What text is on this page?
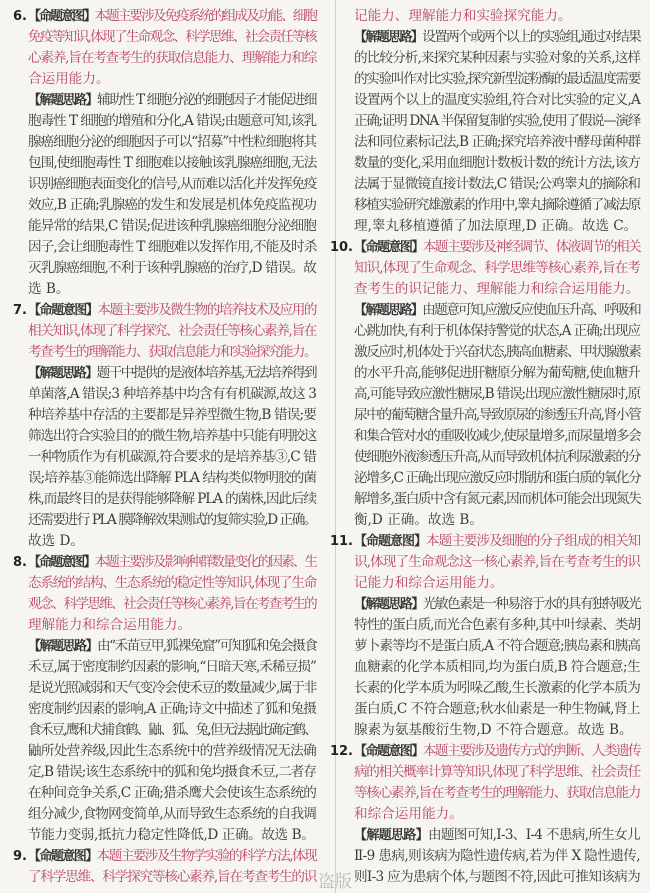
6. 【命题意图】本题主要涉及免疫系统的组成及功能、细胞
免疫等知识,体现了生命观念、科学思维、社会责任等核
心素养,旨在考查考生的获取信息能力、理解能力和综
合运用能力。
【解题思路】辅助性 T 细胞分泌的细胞因子才能促进细
胞毒性 T 细胞的增殖和分化,A 错误;由题意可知,该乳
腺癌细胞分泌的细胞因子可以“招募”中性粒细胞将其
包围,使细胞毒性 T 细胞难以接触该乳腺癌细胞,无法
识别癌细胞表面变化的信号,从而难以活化并发挥免疫
效应,B 正确;乳腺癌的发生和发展是机体免疫监视功
能异常的结果,C 错误;促进该种乳腺癌细胞分泌细胞
因子,会让细胞毒性 T 细胞难以发挥作用,不能及时杀
灭乳腺癌细胞,不利于该种乳腺癌的治疗,D 错误。故
选 B。
7. 【命题意图】本题主要涉及微生物的培养技术及应用的
相关知识,体现了科学探究、社会责任等核心素养,旨在
考查考生的理解能力、获取信息能力和实验探究能力。
【解题思路】题干中提供的是液体培养基,无法培养得到
单菌落,A 错误;3 种培养基中均含有有机碳源,故这 3
种培养基中存活的主要都是异养型微生物,B 错误;要
筛选出符合实验目的的微生物,培养基中只能有明胶这
一种物质作为有机碳源,符合要求的是培养基③,C 错
误;培养基③能筛选出降解 PLA 结构类似物明胶的菌
株,而最终目的是获得能够降解 PLA 的菌株,因此后续
还需要进行 PLA 膜降解效果测试的复筛实验,D 正确。
故选 D。
8. 【命题意图】本题主要涉及影响种群数量变化的因素、生
态系统的结构、生态系统的稳定性等知识,体现了生命
观念、科学思维、社会责任等核心素养,旨在考查考生的
理解能力和综合运用能力。
【解题思路】由“禾苗豆甲,狐裸兔窟”可知狐和兔会摄食
禾豆,属于密度制约因素的影响,“日暗天寒,禾稀豆损”
是说光照减弱和天气变冷会使禾豆的数量减少,属于非
密度制约因素的影响,A 正确;诗文中描述了狐和兔摄
食禾豆,鹰和犬捕食鹤、鼬、狐、兔,但无法据此确定鹤、
鼬所处营养级,因此生态系统中的营养级情况无法确
定,B 错误;该生态系统中的狐和兔均摄食禾豆,二者存
在种间竞争关系,C 正确;猎杀鹰犬会使该生态系统的
组分减少,食物网变简单,从而导致生态系统的自我调
节能力变弱,抵抗力稳定性降低,D 正确。故选 B。
9. 【命题意图】本题主要涉及生物学实验的科学方法,体现
了科学思维、科学探究等核心素养,旨在考查考生的识
记能力、理解能力和实验探究能力。
【解题思路】设置两个或两个以上的实验组,通过对结果
的比较分析,来探究某种因素与实验对象的关系,这样
的实验叫作对比实验,探究新型淀粉酶的最适温度需要
设置两个以上的温度实验组,符合对比实验的定义,A
正确;证明 DNA 半保留复制的实验,使用了假说—演绎
法和同位素标记法,B 正确;探究培养液中酵母菌种群
数量的变化,采用血细胞计数板计数的统计方法,该方
法属于显微镜直接计数法,C 错误;公鸡睾丸的摘除和
移植实验研究雄激素的作用中,睾丸摘除遵循了减法原
理,睾丸移植遵循了加法原理,D 正确。故选 C。
10. 【命题意图】本题主要涉及神经调节、体液调节的相关
知识,体现了生命观念、科学思维等核心素养,旨在考
查考生的识记能力、理解能力和综合运用能力。
【解题思路】由题意可知,应激反应使血压升高、呼吸和
心跳加快,有利于机体保持警觉的状态,A 正确;出现应
激反应时,机体处于兴奋状态,胰高血糖素、甲状腺激素
的水平升高,能够促进肝糖原分解为葡萄糖,使血糖升
高,可能导致应激性糖尿,B 错误;出现应激性糖尿时,原
尿中的葡萄糖含量升高,导致原尿的渗透压升高,肾小管
和集合管对水的重吸收减少,使尿量增多,而尿量增多会
使细胞外液渗透压升高,从而导致机体抗利尿激素的分
泌增多,C 正确;出现应激反应时脂肪和蛋白质的氧化分
解增多,蛋白质中含有氮元素,因而机体可能会出现氮失
衡,D 正确。故选 B。
11. 【命题意图】本题主要涉及细胞的分子组成的相关知
识,体现了生命观念这一核心素养,旨在考查考生的识
记能力和综合运用能力。
【解题思路】光敏色素是一种易溶于水的具有独特吸光
特性的蛋白质,而光合色素有多种,其中叶绿素、类胡
萝卜素等均不是蛋白质,A 不符合题意;胰岛素和胰高
血糖素的化学本质相同,均为蛋白质,B 符合题意;生
长素的化学本质为吲哚乙酸,生长激素的化学本质为
蛋白质,C 不符合题意;秋水仙素是一种生物碱,肾上
腺素为氨基酸衍生物,D 不符合题意。故选 B。
12. 【命题意图】本题主要涉及遗传方式的判断、人类遗传
病的相关概率计算等知识,体现了科学思维、社会责任
等核心素养,旨在考查考生的理解能力、获取信息能力
和综合运用能力。
【解题思路】由题图可知,Ⅰ-3、Ⅰ-4 不患病,所生女儿
Ⅱ-9 患病,则该病为隐性遗传病,若为伴 X 隐性遗传,
则Ⅰ-3 应为患病个体,与题图不符,因此可推知该病为
盗版
